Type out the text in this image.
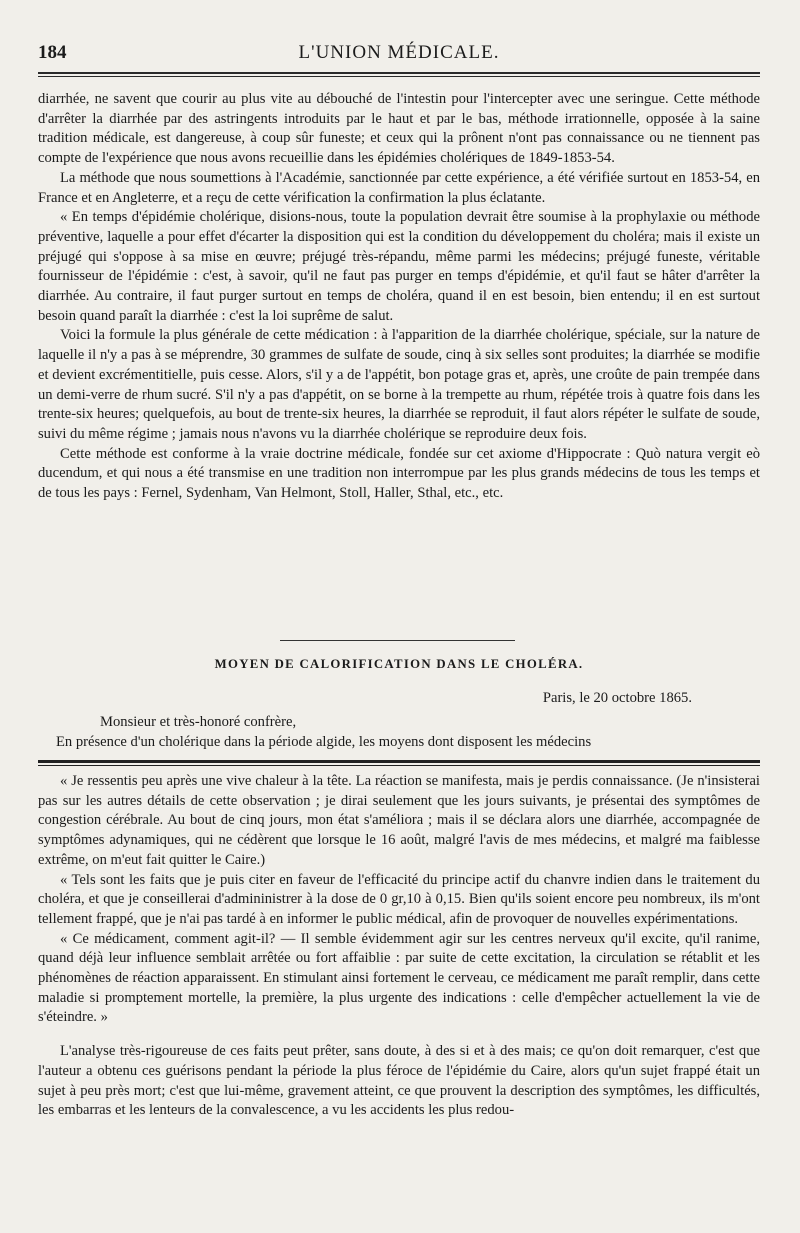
184	L'UNION MÉDICALE.

diarrhée, ne savent que courir au plus vite au débouché de l'intestin pour l'intercepter avec une seringue. Cette méthode d'arrêter la diarrhée par des astringents introduits par le haut et par le bas, méthode irrationnelle, opposée à la saine tradition médicale, est dangereuse, à coup sûr funeste; et ceux qui la prônent n'ont pas connaissance ou ne tiennent pas compte de l'expérience que nous avons recueillie dans les épidémies cholériques de 1849-1853-54.

La méthode que nous soumettions à l'Académie, sanctionnée par cette expérience, a été vérifiée surtout en 1853-54, en France et en Angleterre, et a reçu de cette vérification la confirmation la plus éclatante.

« En temps d'épidémie cholérique, disions-nous, toute la population devrait être soumise à la prophylaxie ou méthode préventive, laquelle a pour effet d'écarter la disposition qui est la condition du développement du choléra; mais il existe un préjugé qui s'oppose à sa mise en œuvre; préjugé très-répandu, même parmi les médecins; préjugé funeste, véritable fournisseur de l'épidémie : c'est, à savoir, qu'il ne faut pas purger en temps d'épidémie, et qu'il faut se hâter d'arrêter la diarrhée. Au contraire, il faut purger surtout en temps de choléra, quand il en est besoin, bien entendu; il en est surtout besoin quand paraît la diarrhée : c'est la loi suprême de salut.

Voici la formule la plus générale de cette médication : à l'apparition de la diarrhée cholérique, spéciale, sur la nature de laquelle il n'y a pas à se méprendre, 30 grammes de sulfate de soude, cinq à six selles sont produites; la diarrhée se modifie et devient excrémentitielle, puis cesse. Alors, s'il y a de l'appétit, bon potage gras et, après, une croûte de pain trempée dans un demi-verre de rhum sucré. S'il n'y a pas d'appétit, on se borne à la trempette au rhum, répétée trois à quatre fois dans les trente-six heures; quelquefois, au bout de trente-six heures, la diarrhée se reproduit, il faut alors répéter le sulfate de soude, suivi du même régime ; jamais nous n'avons vu la diarrhée cholérique se reproduire deux fois.

Cette méthode est conforme à la vraie doctrine médicale, fondée sur cet axiome d'Hippocrate : Quò natura vergit eò ducendum, et qui nous a été transmise en une tradition non interrompue par les plus grands médecins de tous les temps et de tous les pays : Fernel, Sydenham, Van Helmont, Stoll, Haller, Sthal, etc., etc.

MOYEN DE CALORIFICATION DANS LE CHOLÉRA.
Paris, le 20 octobre 1865.
Monsieur et très-honoré confrère,
En présence d'un cholérique dans la période algide, les moyens dont disposent les médecins

« Je ressentis peu après une vive chaleur à la tête. La réaction se manifesta, mais je perdis connaissance. (Je n'insisterai pas sur les autres détails de cette observation ; je dirai seulement que les jours suivants, je présentai des symptômes de congestion cérébrale. Au bout de cinq jours, mon état s'améliora ; mais il se déclara alors une diarrhée, accompagnée de symptômes adynamiques, qui ne cédèrent que lorsque le 16 août, malgré l'avis de mes médecins, et malgré ma faiblesse extrême, on m'eut fait quitter le Caire.)

« Tels sont les faits que je puis citer en faveur de l'efficacité du principe actif du chanvre indien dans le traitement du choléra, et que je conseillerai d'admininistrer à la dose de 0 gr,10 à 0,15. Bien qu'ils soient encore peu nombreux, ils m'ont tellement frappé, que je n'ai pas tardé à en informer le public médical, afin de provoquer de nouvelles expérimentations.

« Ce médicament, comment agit-il? — Il semble évidemment agir sur les centres nerveux qu'il excite, qu'il ranime, quand déjà leur influence semblait arrêtée ou fort affaiblie : par suite de cette excitation, la circulation se rétablit et les phénomènes de réaction apparaissent. En stimulant ainsi fortement le cerveau, ce médicament me paraît remplir, dans cette maladie si promptement mortelle, la première, la plus urgente des indications : celle d'empêcher actuellement la vie de s'éteindre. »

L'analyse très-rigoureuse de ces faits peut prêter, sans doute, à des si et à des mais; ce qu'on doit remarquer, c'est que l'auteur a obtenu ces guérisons pendant la période la plus féroce de l'épidémie du Caire, alors qu'un sujet frappé était un sujet à peu près mort; c'est que lui-même, gravement atteint, ce que prouvent la description des symptômes, les difficultés, les embarras et les lenteurs de la convalescence, a vu les accidents les plus redou-
